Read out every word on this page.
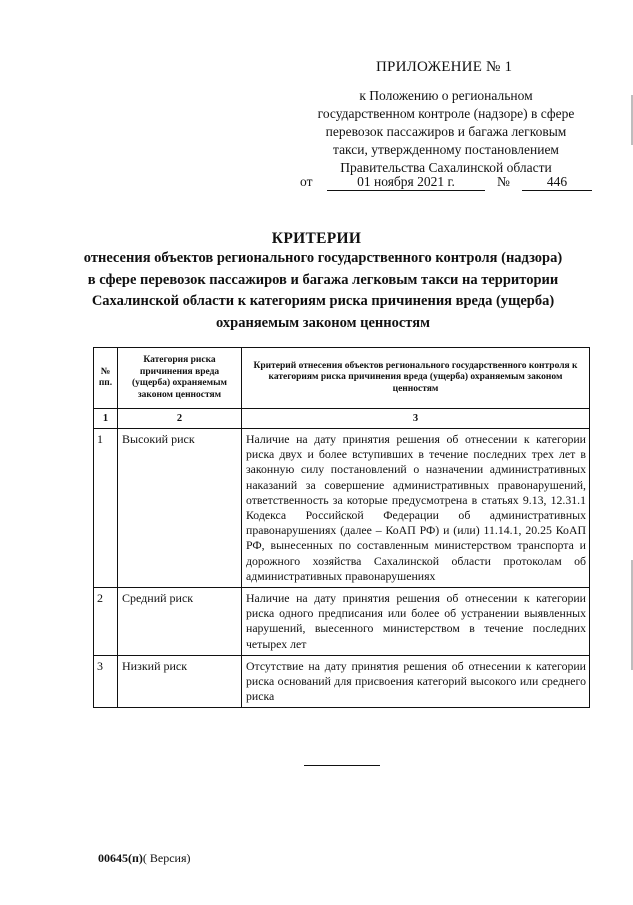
ПРИЛОЖЕНИЕ № 1
к Положению о региональном
государственном контроле (надзоре) в сфере
перевозок пассажиров и багажа легковым
такси, утвержденному постановлением
Правительства Сахалинской области
от	01 ноября 2021 г.	№	446
КРИТЕРИИ
отнесения объектов регионального государственного контроля (надзора)
в сфере перевозок пассажиров и багажа легковым такси на территории
Сахалинской области к категориям риска причинения вреда (ущерба)
охраняемым законом ценностям
№ пп.	Категория риска причинения вреда (ущерба) охраняемым законом ценностям	Критерий отнесения объектов регионального государственного контроля к категориям риска причинения вреда (ущерба) охраняемым законом ценностям
1	2	3
1	Высокий риск	Наличие на дату принятия решения об отнесении к категории риска двух и более вступивших в течение последних трех лет в законную силу постановлений о назначении административных наказаний за совершение административных правонарушений, ответственность за которые предусмотрена в статьях 9.13, 12.31.1 Кодекса Российской Федерации об административных правонарушениях (далее – КоАП РФ) и (или) 11.14.1, 20.25 КоАП РФ, вынесенных по составленным министерством транспорта и дорожного хозяйства Сахалинской области протоколам об административных правонарушениях
2	Средний риск	Наличие на дату принятия решения об отнесении к категории риска одного предписания или более об устранении выявленных нарушений, выесенного министерством в течение последних четырех лет
3	Низкий риск	Отсутствие на дату принятия решения об отнесении к категории риска оснований для присвоения категорий высокого или среднего риска
00645(п)( Версия)
